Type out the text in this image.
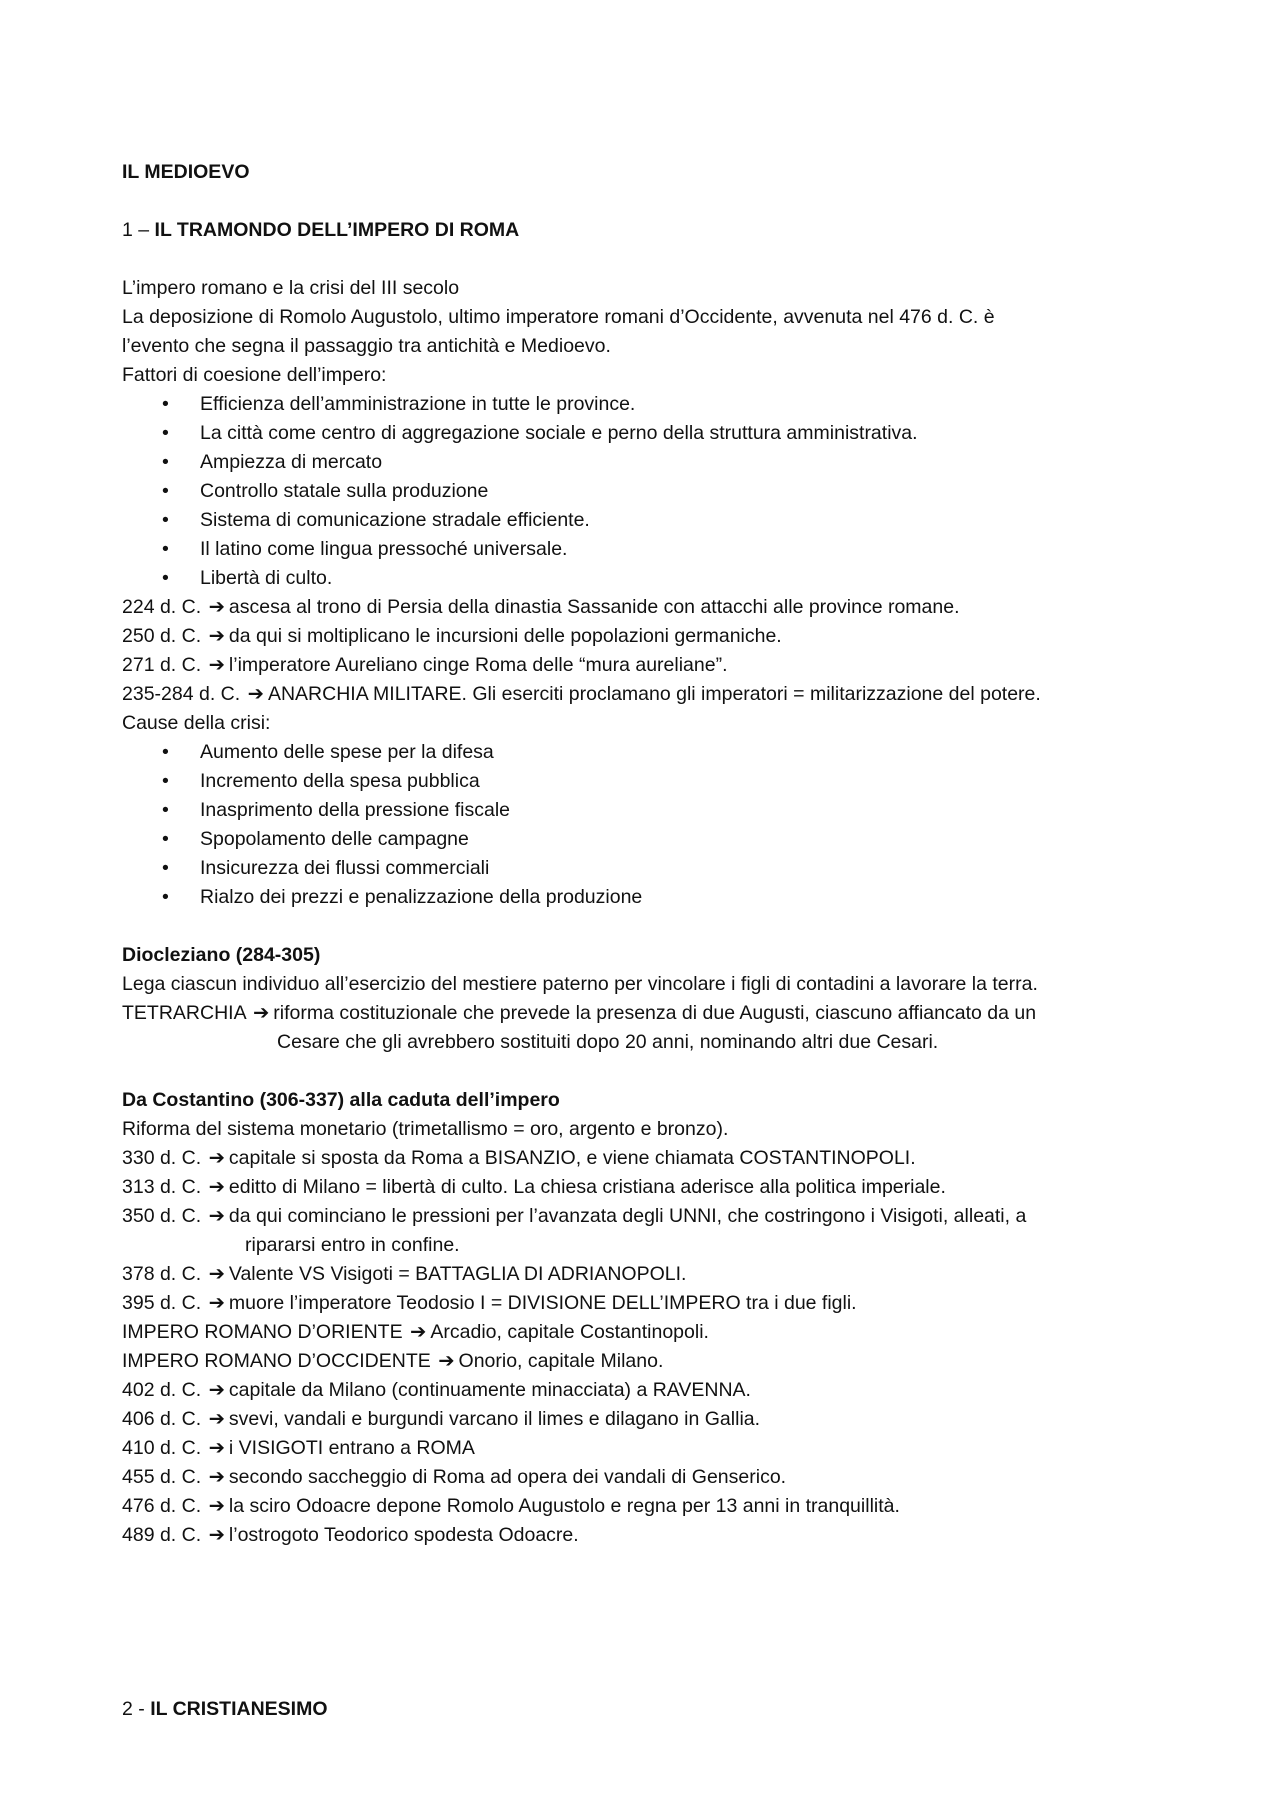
IL MEDIOEVO
1 – IL TRAMONDO DELL’IMPERO DI ROMA
L’impero romano e la crisi del III secolo
La deposizione di Romolo Augustolo, ultimo imperatore romani d’Occidente, avvenuta nel 476 d. C. è
l’evento che segna il passaggio tra antichità e Medioevo.
Fattori di coesione dell’impero:
• Efficienza dell’amministrazione in tutte le province.
• La città come centro di aggregazione sociale e perno della struttura amministrativa.
• Ampiezza di mercato
• Controllo statale sulla produzione
• Sistema di comunicazione stradale efficiente.
• Il latino come lingua pressoché universale.
• Libertà di culto.
224 d. C. ➔ ascesa al trono di Persia della dinastia Sassanide con attacchi alle province romane.
250 d. C. ➔ da qui si moltiplicano le incursioni delle popolazioni germaniche.
271 d. C. ➔ l’imperatore Aureliano cinge Roma delle “mura aureliane”.
235-284 d. C. ➔ ANARCHIA MILITARE. Gli eserciti proclamano gli imperatori = militarizzazione del potere.
Cause della crisi:
• Aumento delle spese per la difesa
• Incremento della spesa pubblica
• Inasprimento della pressione fiscale
• Spopolamento delle campagne
• Insicurezza dei flussi commerciali
• Rialzo dei prezzi e penalizzazione della produzione
Diocleziano (284-305)
Lega ciascun individuo all’esercizio del mestiere paterno per vincolare i figli di contadini a lavorare la terra.
TETRARCHIA ➔ riforma costituzionale che prevede la presenza di due Augusti, ciascuno affiancato da un
Cesare che gli avrebbero sostituiti dopo 20 anni, nominando altri due Cesari.
Da Costantino (306-337) alla caduta dell’impero
Riforma del sistema monetario (trimetallismo = oro, argento e bronzo).
330 d. C. ➔ capitale si sposta da Roma a BISANZIO, e viene chiamata COSTANTINOPOLI.
313 d. C. ➔ editto di Milano = libertà di culto. La chiesa cristiana aderisce alla politica imperiale.
350 d. C. ➔ da qui cominciano le pressioni per l’avanzata degli UNNI, che costringono i Visigoti, alleati, a
ripararsi entro in confine.
378 d. C. ➔ Valente VS Visigoti = BATTAGLIA DI ADRIANOPOLI.
395 d. C. ➔ muore l’imperatore Teodosio I = DIVISIONE DELL’IMPERO tra i due figli.
IMPERO ROMANO D’ORIENTE ➔ Arcadio, capitale Costantinopoli.
IMPERO ROMANO D’OCCIDENTE ➔ Onorio, capitale Milano.
402 d. C. ➔ capitale da Milano (continuamente minacciata) a RAVENNA.
406 d. C. ➔ svevi, vandali e burgundi varcano il limes e dilagano in Gallia.
410 d. C. ➔ i VISIGOTI entrano a ROMA
455 d. C. ➔ secondo saccheggio di Roma ad opera dei vandali di Genserico.
476 d. C. ➔ la sciro Odoacre depone Romolo Augustolo e regna per 13 anni in tranquillità.
489 d. C. ➔ l’ostrogoto Teodorico spodesta Odoacre.
2 - IL CRISTIANESIMO
